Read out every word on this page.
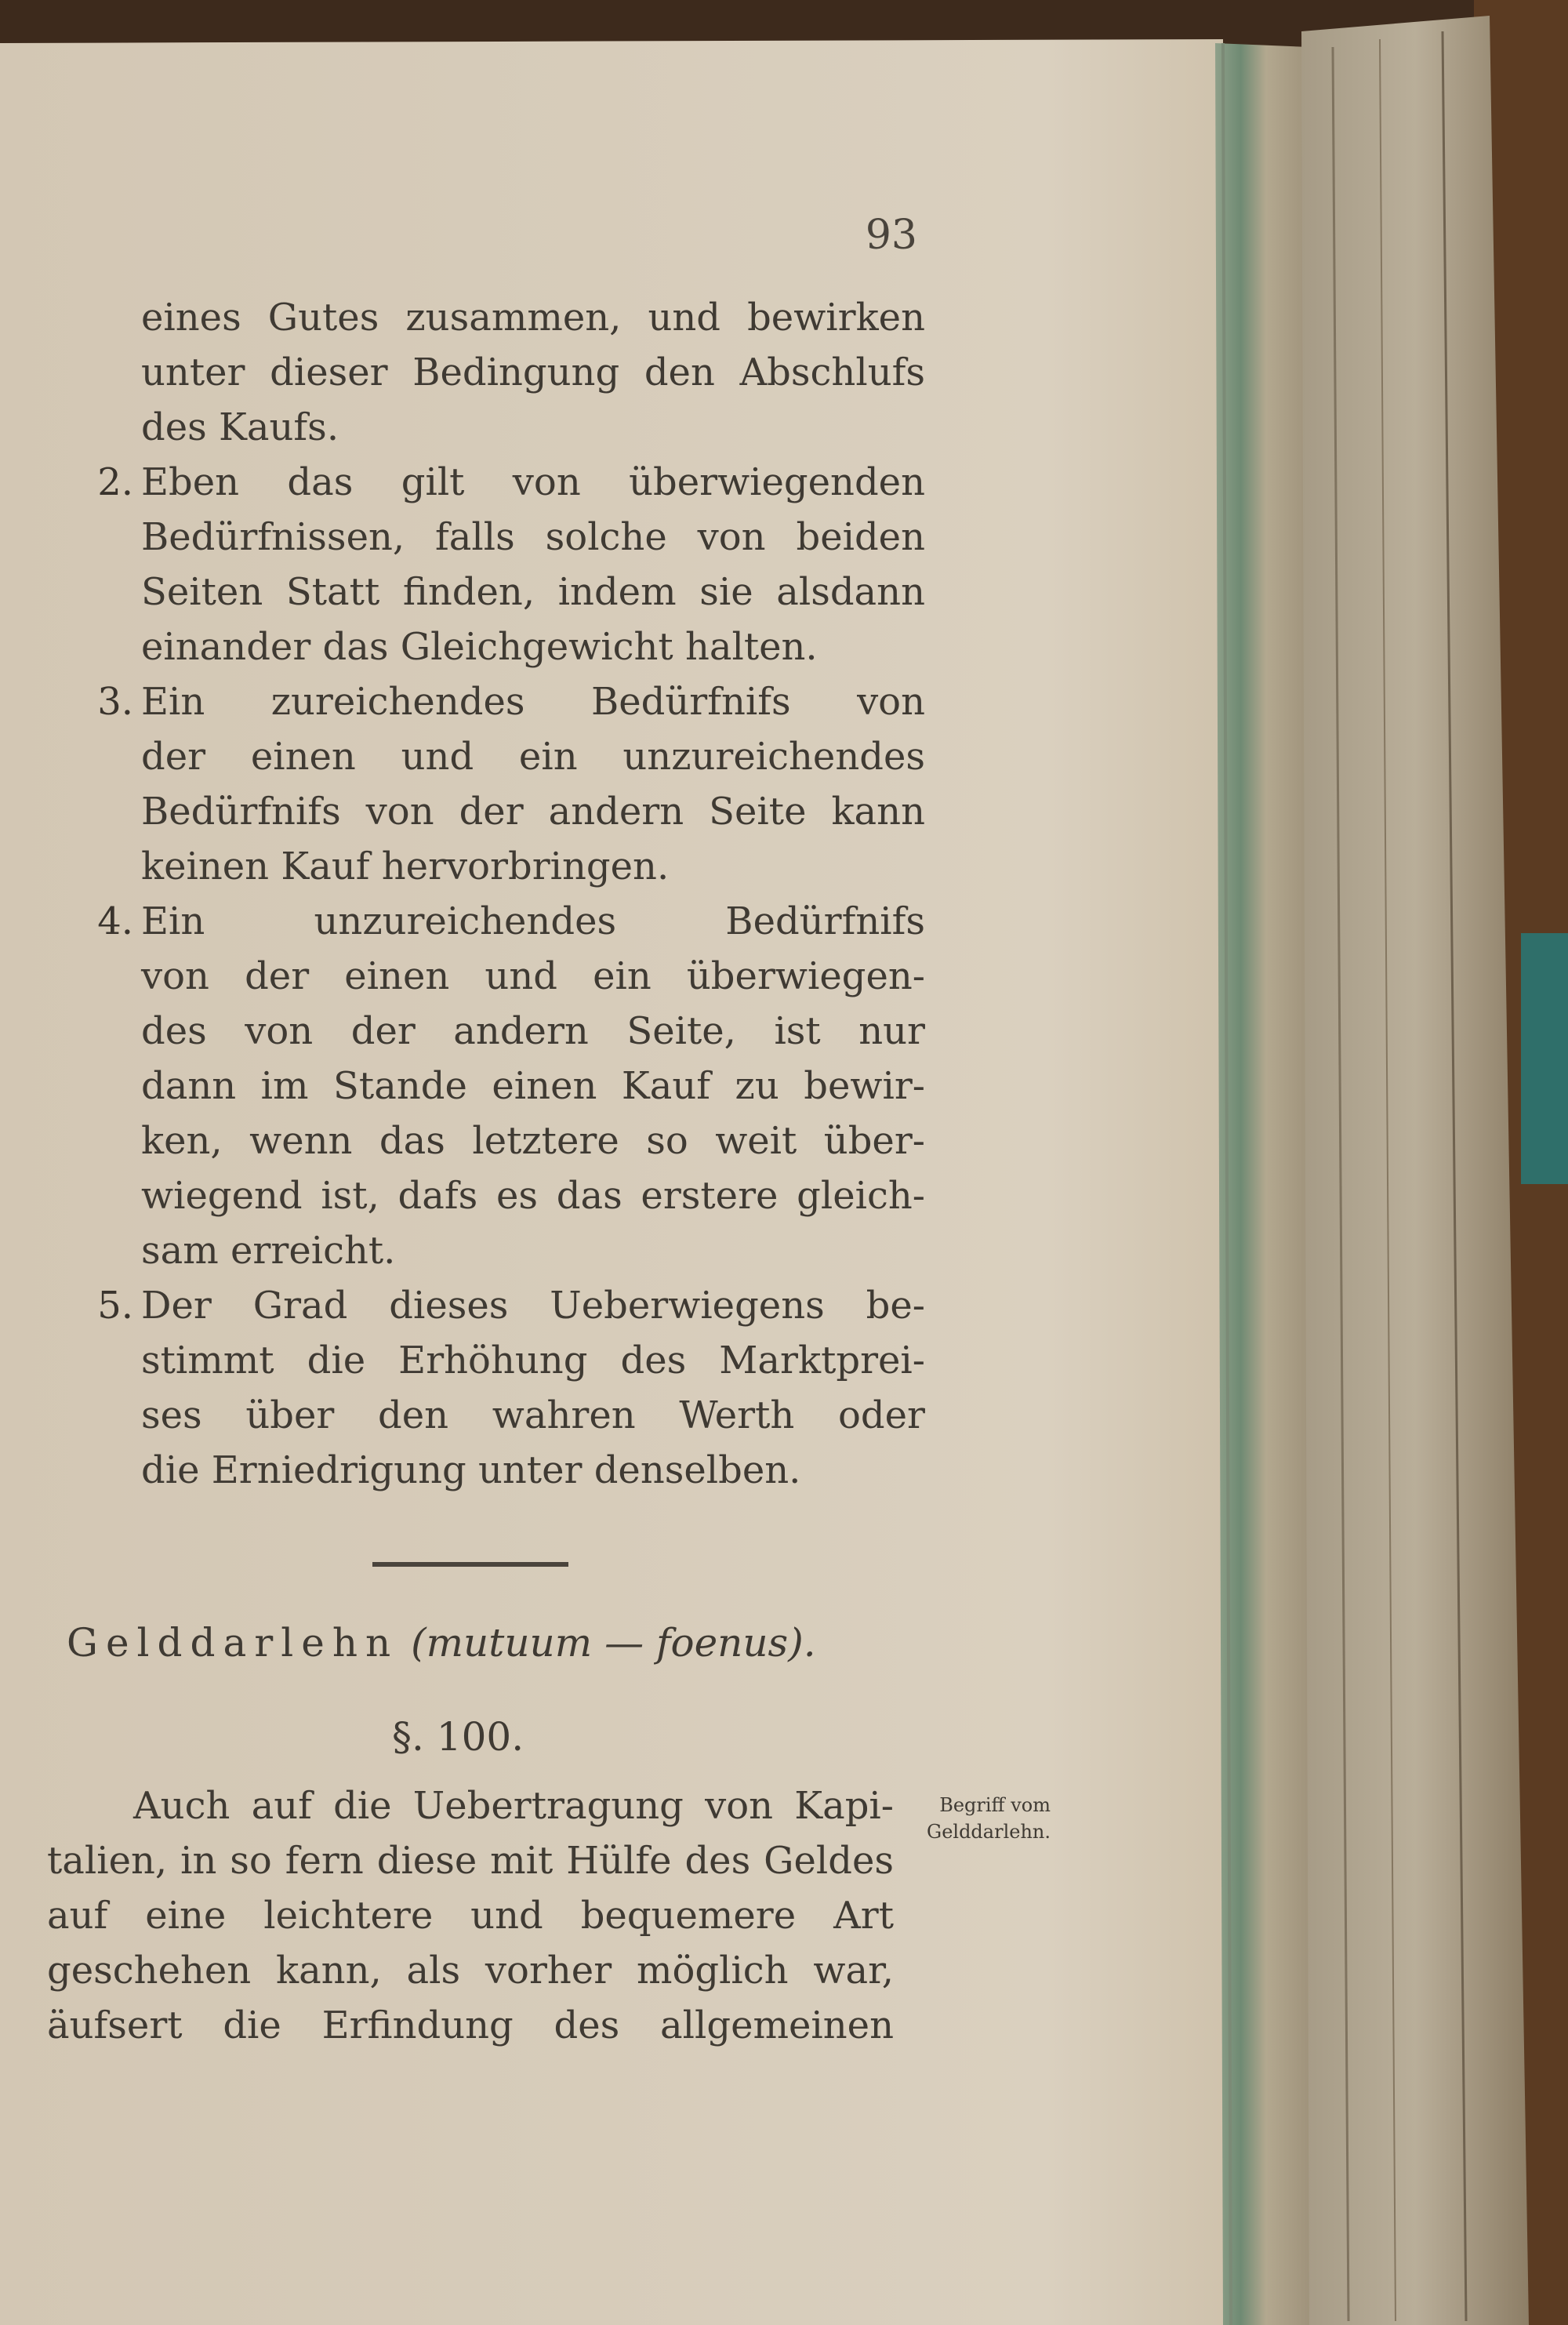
93
eines Gutes zusammen, und bewirken
unter dieser Bedingung den Abschlufs
des Kaufs.
2. Eben das gilt von überwiegenden
Bedürfnissen, falls solche von beiden
Seiten Statt finden, indem sie alsdann
einander das Gleichgewicht halten.
3. Ein zureichendes Bedürfnifs von
der einen und ein unzureichendes
Bedürfnifs von der andern Seite kann
keinen Kauf hervorbringen.
4. Ein unzureichendes Bedürfnifs
von der einen und ein überwiegen-
des von der andern Seite, ist nur
dann im Stande einen Kauf zu bewir-
ken, wenn das letztere so weit über-
wiegend ist, dafs es das erstere gleich-
sam erreicht.
5. Der Grad dieses Ueberwiegens be-
stimmt die Erhöhung des Marktprei-
ses über den wahren Werth oder
die Erniedrigung unter denselben.
Gelddarlehn (mutuum — foenus).
§. 100.
Auch auf die Uebertragung von Kapi-
talien, in so fern diese mit Hülfe des Geldes
auf eine leichtere und bequemere Art
geschehen kann, als vorher möglich war,
äufsert die Erfindung des allgemeinen
Begriff vom
Gelddarlehn.
